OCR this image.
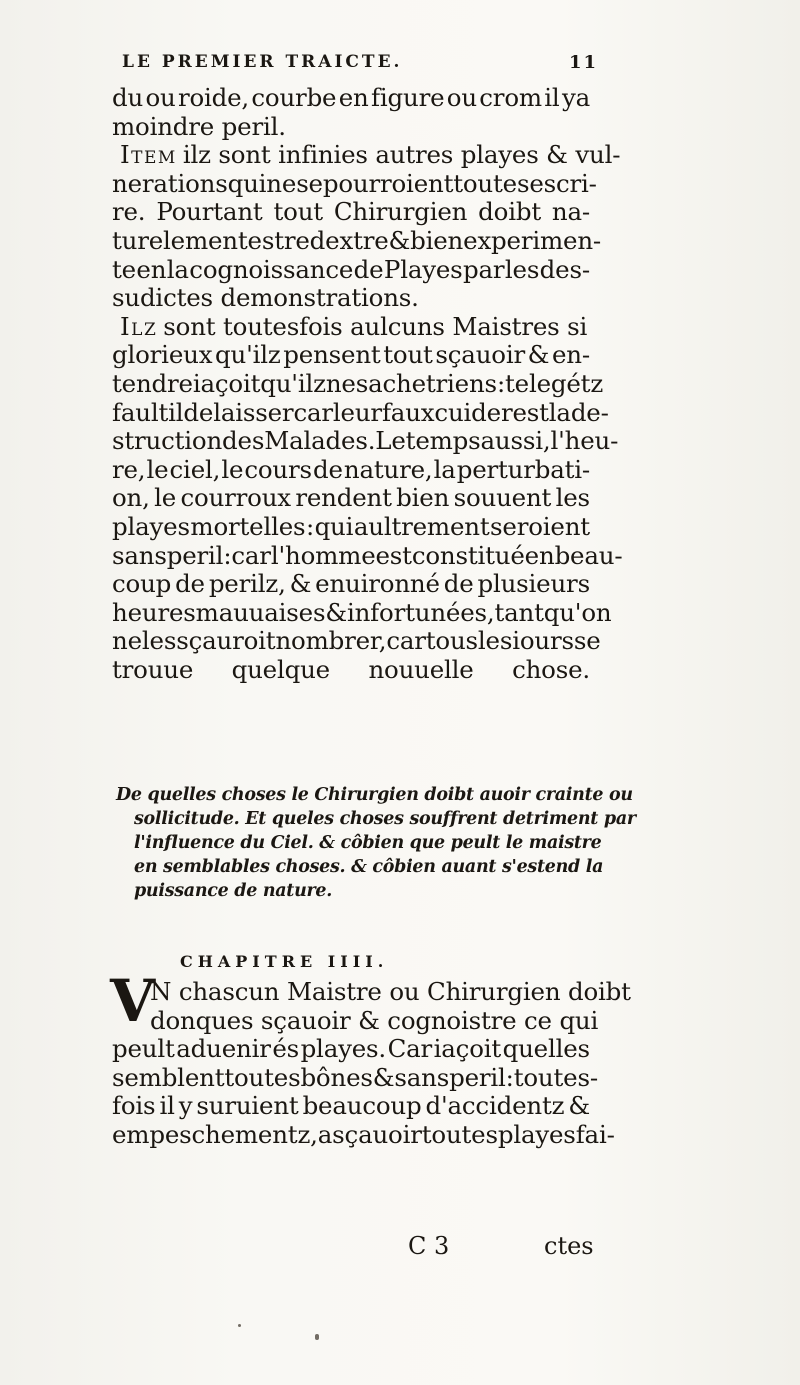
LE PREMIER TRAICTE.	11
du ou roide, courbe en figure ou crom il ya
moindre peril.
Item ilz sont infinies autres playes & vul-
nerations qui ne se pourroient toutes escri-
re. Pourtant tout Chirurgien doibt na-
turelement estre dextre & bien experimen-
te en la cognoissance de Playes par les des-
sudictes demonstrations.
Ilz sont toutesfois aulcuns Maistres si
glorieux qu'ilz pensent tout sçauoir & en-
tendre iaçoit qu'ilz ne sachet riens : tele gétz
fault il delaisser car leur faux cuider est la de-
struction des Malades. Le temps aussi, l'heu-
re, le ciel, le cours de nature, la perturbati-
on, le courroux rendent bien souuent les
playes mortelles : qui aultrement seroient
sans peril : car l'homme est constitué en beau-
coup de perilz, & enuironné de plusieurs
heures mauuaises & infortunées, tant qu'on
ne les sçauroit nombrer, car tous les iours se
trouue quelque nouuelle chose.
De quelles choses le Chirurgien doibt auoir crainte ou
sollicitude. Et queles choses souffrent detriment par
l'influence du Ciel. & côbien que peult le maistre
en semblables choses. & côbien auant s'estend la
puissance de nature.
CHAPITRE IIII.
V
N chascun Maistre ou Chirurgien doibt
donques sçauoir & cognoistre ce qui
peult aduenir és playes. Car iaçoit quelles
semblent toutes bônes & sans peril : toutes-
fois il y suruient beaucoup d'accidentz &
empeschementz, a sçauoir toutes playes fai-
C 3	ctes
